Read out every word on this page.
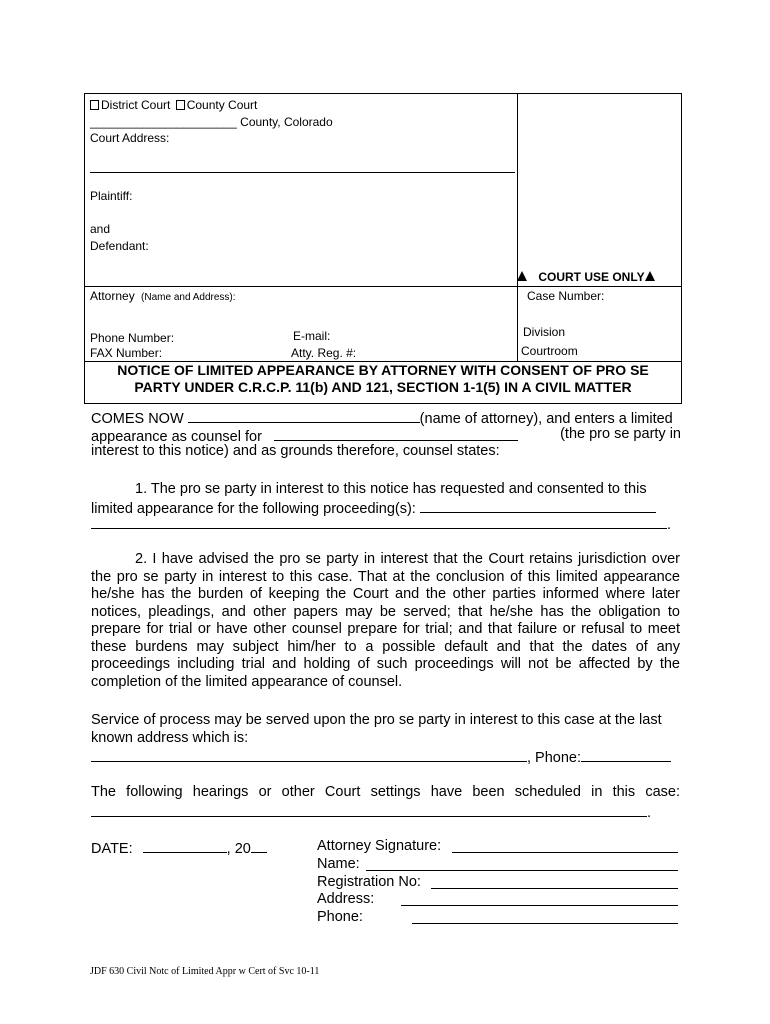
District Court County Court
______________________ County, Colorado
Court Address:
Plaintiff:
and
Defendant:
COURT USE ONLY
Attorney (Name and Address):	Case Number:
Phone Number:	E-mail:
FAX Number:	Atty. Reg. #:
Division
Courtroom
NOTICE OF LIMITED APPEARANCE BY ATTORNEY WITH CONSENT OF PRO SE
PARTY UNDER C.R.C.P. 11(b) AND 121, SECTION 1-1(5) IN A CIVIL MATTER
COMES NOW	(name of attorney), and enters a limited
appearance as counsel for	(the pro se party in
interest to this notice) and as grounds therefore, counsel states:
1. The pro se party in interest to this notice has requested and consented to this
limited appearance for the following proceeding(s):
.
2. I have advised the pro se party in interest that the Court retains jurisdiction over
the pro se party in interest to this case. That at the conclusion of this limited appearance
he/she has the burden of keeping the Court and the other parties informed where later
notices, pleadings, and other papers may be served; that he/she has the obligation to
prepare for trial or have other counsel prepare for trial; and that failure or refusal to meet
these burdens may subject him/her to a possible default and that the dates of any
proceedings including trial and holding of such proceedings will not be affected by the
completion of the limited appearance of counsel.
Service of process may be served upon the pro se party in interest to this case at the last
known address which is:
, Phone:
The following hearings or other Court settings have been scheduled in this case:
.
DATE:	, 20	Attorney Signature:
Name:
Registration No:
Address:
Phone:
JDF 630 Civil Notc of Limited Appr w Cert of Svc 10-11
